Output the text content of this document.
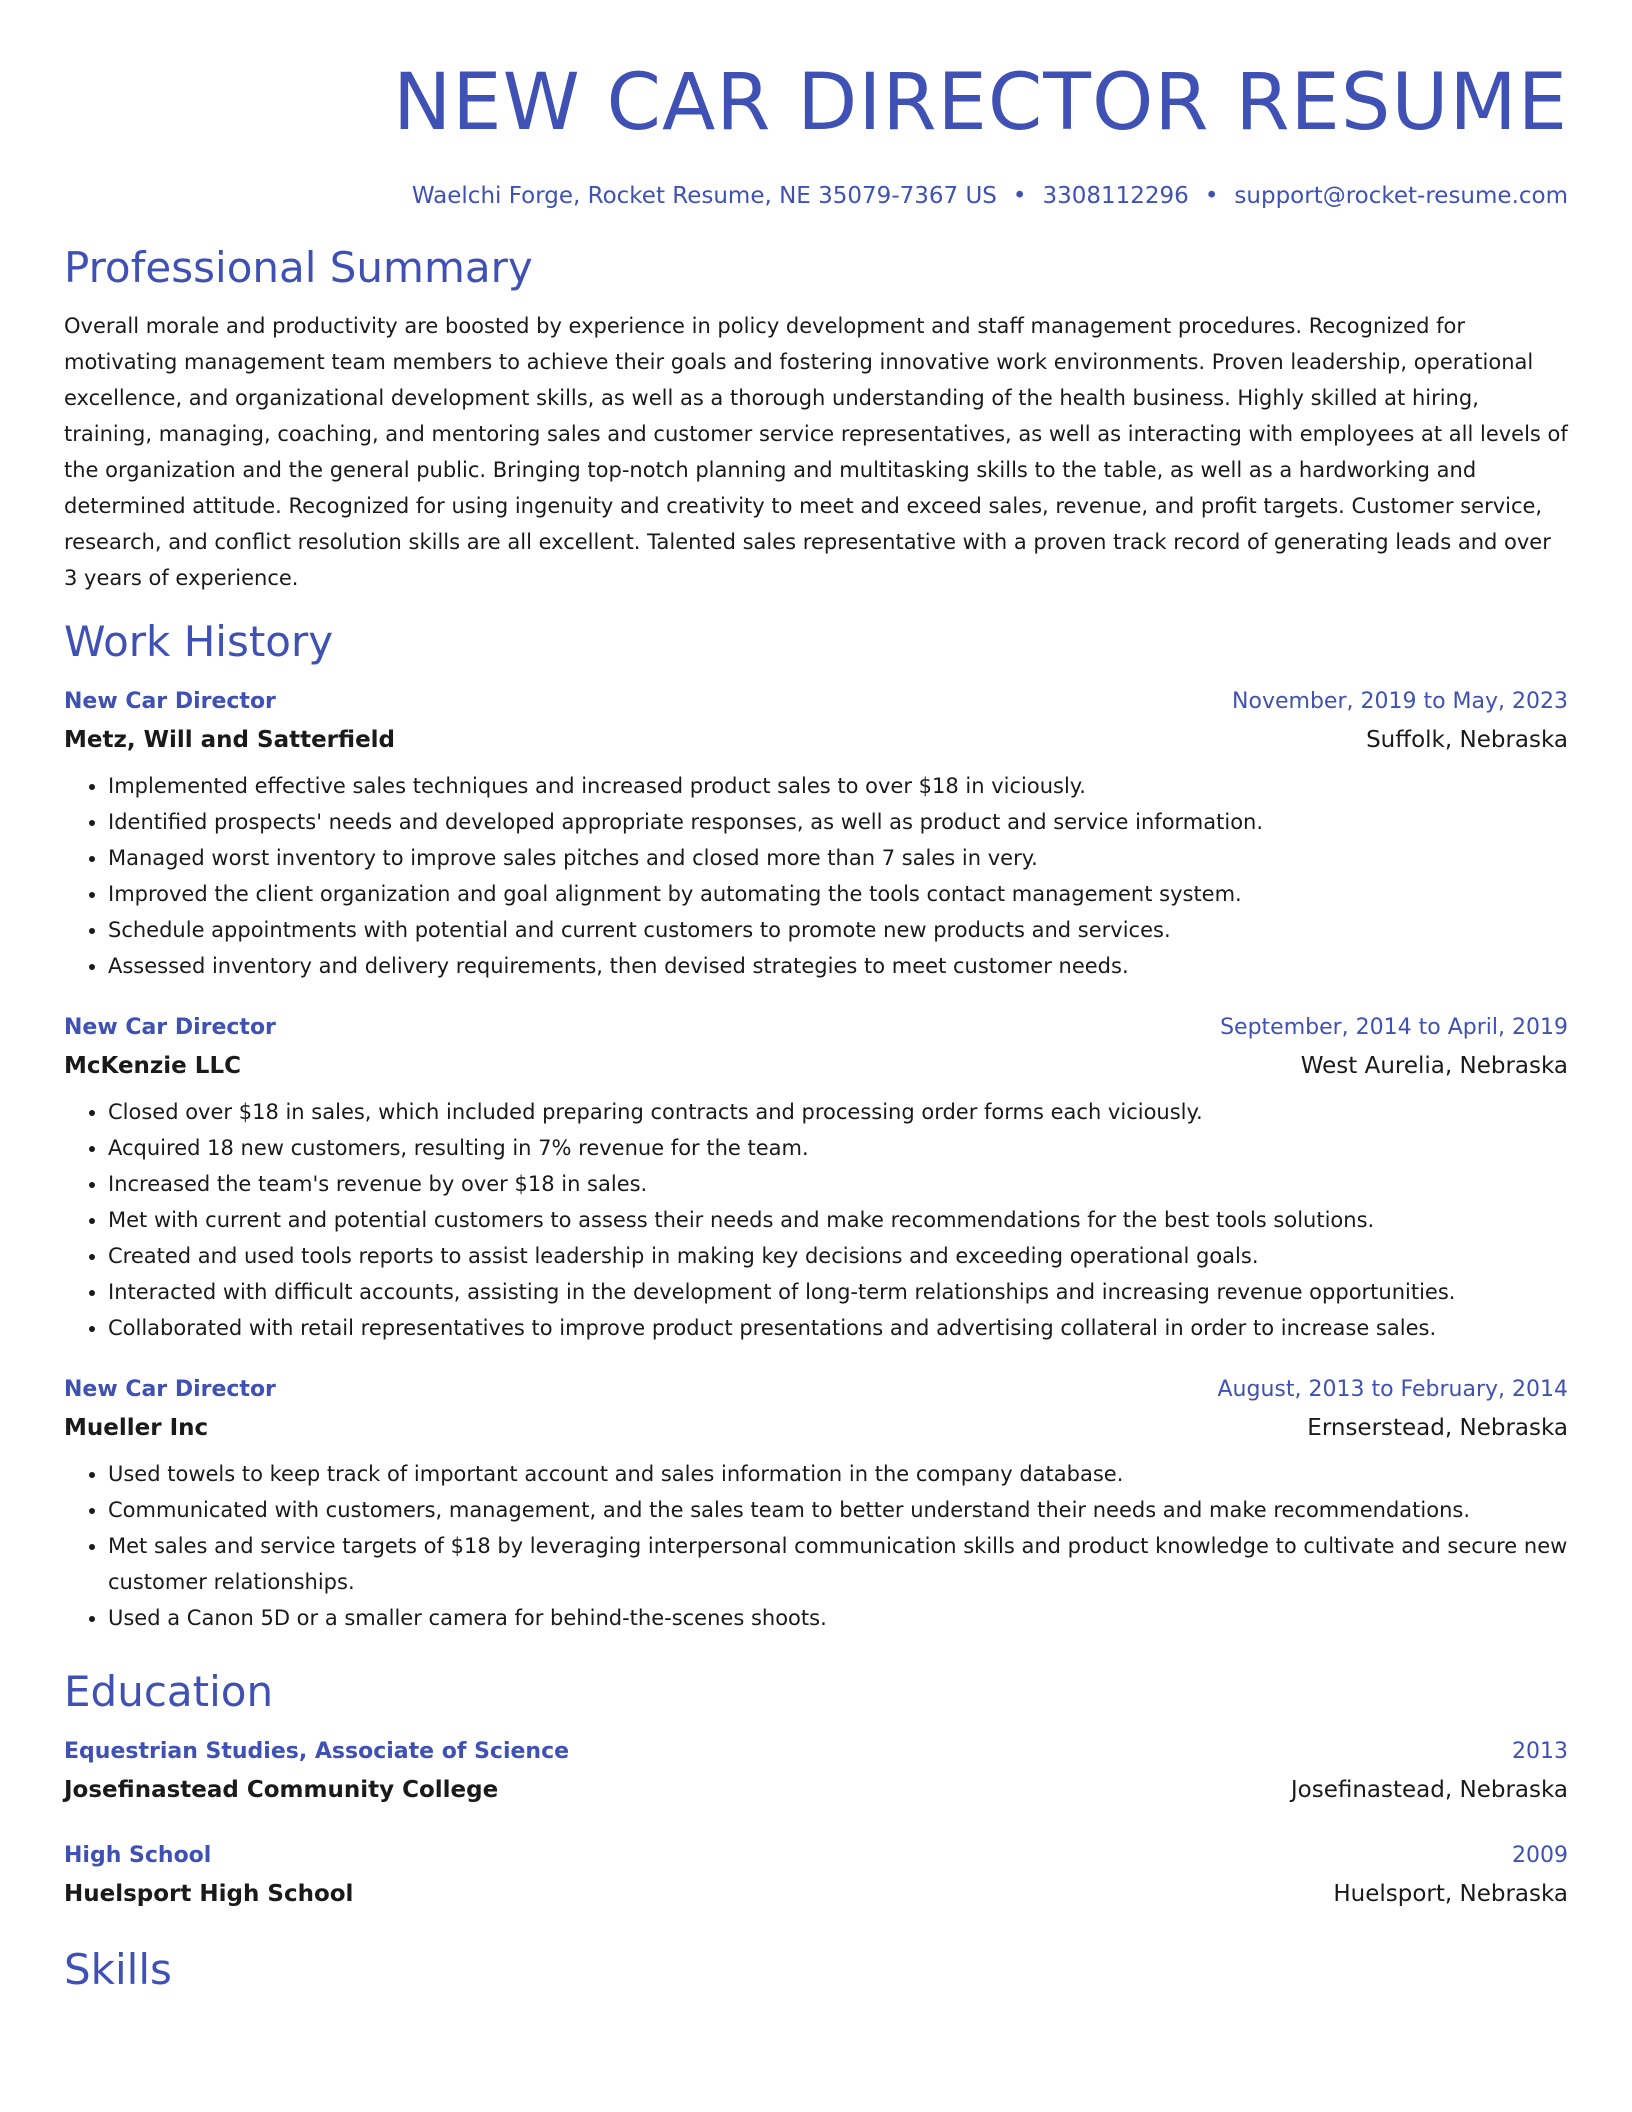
NEW CAR DIRECTOR RESUME
Waelchi Forge, Rocket Resume, NE 35079-7367 US • 3308112296 • support@rocket-resume.com
Professional Summary

Overall morale and productivity are boosted by experience in policy development and staff management procedures. Recognized for motivating management team members to achieve their goals and fostering innovative work environments. Proven leadership, operational excellence, and organizational development skills, as well as a thorough understanding of the health business. Highly skilled at hiring, training, managing, coaching, and mentoring sales and customer service representatives, as well as interacting with employees at all levels of the organization and the general public. Bringing top-notch planning and multitasking skills to the table, as well as a hardworking and determined attitude. Recognized for using ingenuity and creativity to meet and exceed sales, revenue, and profit targets. Customer service, research, and conflict resolution skills are all excellent. Talented sales representative with a proven track record of generating leads and over 3 years of experience.

Work History
New Car Director	November, 2019 to May, 2023
Metz, Will and Satterfield	Suffolk, Nebraska
• Implemented effective sales techniques and increased product sales to over $18 in viciously.
• Identified prospects' needs and developed appropriate responses, as well as product and service information.
• Managed worst inventory to improve sales pitches and closed more than 7 sales in very.
• Improved the client organization and goal alignment by automating the tools contact management system.
• Schedule appointments with potential and current customers to promote new products and services.
• Assessed inventory and delivery requirements, then devised strategies to meet customer needs.
New Car Director	September, 2014 to April, 2019
McKenzie LLC	West Aurelia, Nebraska
• Closed over $18 in sales, which included preparing contracts and processing order forms each viciously.
• Acquired 18 new customers, resulting in 7% revenue for the team.
• Increased the team's revenue by over $18 in sales.
• Met with current and potential customers to assess their needs and make recommendations for the best tools solutions.
• Created and used tools reports to assist leadership in making key decisions and exceeding operational goals.
• Interacted with difficult accounts, assisting in the development of long-term relationships and increasing revenue opportunities.
• Collaborated with retail representatives to improve product presentations and advertising collateral in order to increase sales.
New Car Director	August, 2013 to February, 2014
Mueller Inc	Ernserstead, Nebraska
• Used towels to keep track of important account and sales information in the company database.
• Communicated with customers, management, and the sales team to better understand their needs and make recommendations.
• Met sales and service targets of $18 by leveraging interpersonal communication skills and product knowledge to cultivate and secure new customer relationships.
• Used a Canon 5D or a smaller camera for behind-the-scenes shoots.
Education
Equestrian Studies, Associate of Science	2013
Josefinastead Community College	Josefinastead, Nebraska
High School	2009
Huelsport High School	Huelsport, Nebraska
Skills
